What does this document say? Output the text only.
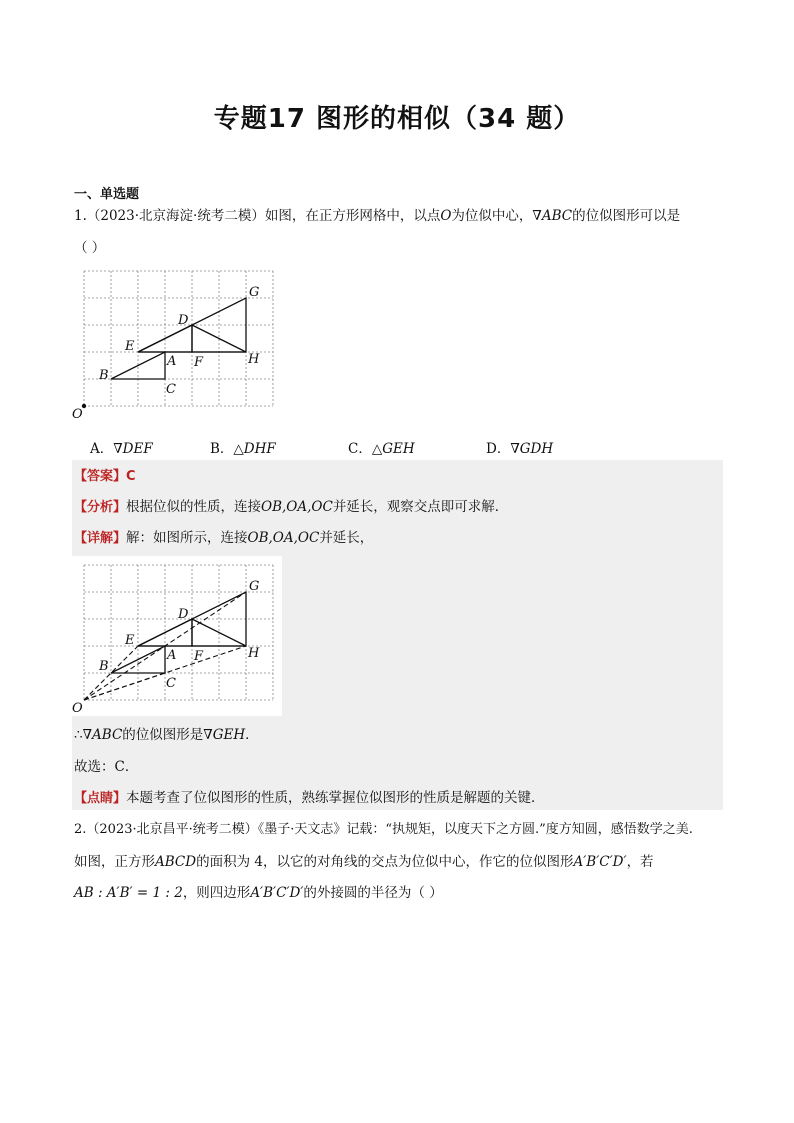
专题17 图形的相似（34 题）
一、单选题
1.（2023·北京海淀·统考二模）如图，在正方形网格中，以点O为位似中心，∇ABC的位似图形可以是
（ ）
G
D
E
A F	H
B
C
O
A．∇DEF	B．△DHF	C．△GEH	D．∇GDH
【答案】C
【分析】根据位似的性质，连接OB,OA,OC并延长，观察交点即可求解．
【详解】解：如图所示，连接OB,OA,OC并延长，
G
D
E
A F	H
B
C
O
∴∇ABC的位似图形是∇GEH．
故选：C．
【点睛】本题考查了位似图形的性质，熟练掌握位似图形的性质是解题的关键．
2.（2023·北京昌平·统考二模）《墨子·天文志》记载：“执规矩，以度天下之方圆.”度方知圆，感悟数学之美.
如图，正方形ABCD的面积为 4，以它的对角线的交点为位似中心，作它的位似图形A′B′C′D′，若
AB : A′B′ = 1 : 2，则四边形A′B′C′D′的外接圆的半径为（ ）
